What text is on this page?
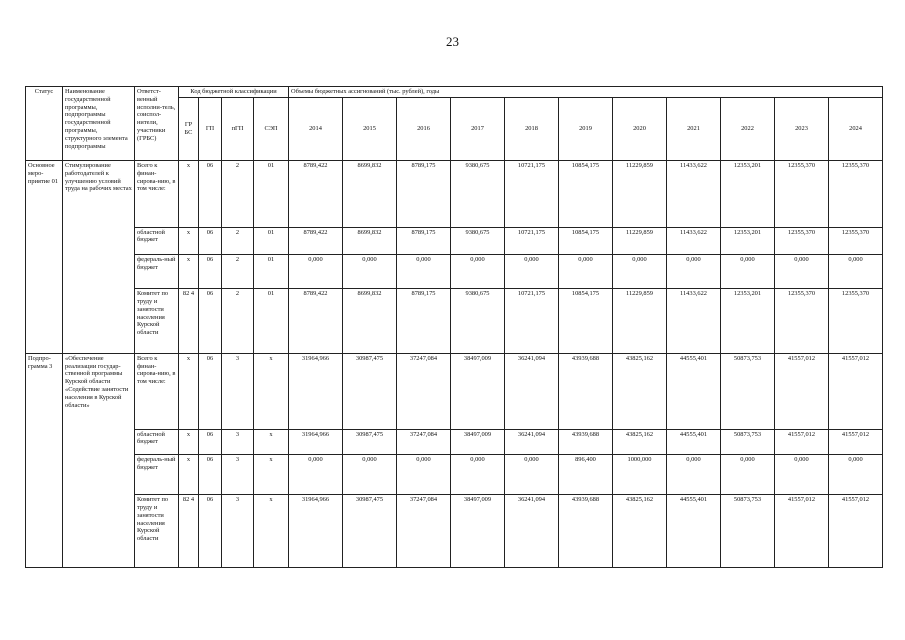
23
Статус	Наименование государственной программы, подпрограммы государственной программы, структурного элемента подпрограммы	Ответст-венный исполни-тель, соиспол-нители, участники (ГРБС)	Код бюджетной классификации				Объемы бюджетных ассигнований (тыс. рублей), годы										
			ГР БС	ГП	пГП	СЭП	2014	2015	2016	2017	2018	2019	2020	2021	2022	2023	2024
Основное меро-приятие 01	Стимулирование работодателей к улучшению условий труда на рабочих местах	Всего к финан-сирова-нию, в том числе:	x	06	2	01	8789,422	8699,832	8789,175	9380,675	10721,175	10854,175	11229,859	11433,622	12353,201	12355,370	12355,370
		областной бюджет	x	06	2	01	8789,422	8699,832	8789,175	9380,675	10721,175	10854,175	11229,859	11433,622	12353,201	12355,370	12355,370
		федераль-ный бюджет	x	06	2	01	0,000	0,000	0,000	0,000	0,000	0,000	0,000	0,000	0,000	0,000	0,000
		Комитет по труду и занятости населения Курской области	82 4	06	2	01	8789,422	8699,832	8789,175	9380,675	10721,175	10854,175	11229,859	11433,622	12353,201	12355,370	12355,370
Подпро-грамма 3	«Обеспечение реализации государ-ственной программы Курской области «Содействие занятости населения в Курской области»	Всего к финан-сирова-нию, в том числе:	x	06	3	x	31964,966	30987,475	37247,084	38497,009	36241,094	43939,688	43825,162	44555,401	50873,753	41557,012	41557,012
		областной бюджет	x	06	3	x	31964,966	30987,475	37247,084	38497,009	36241,094	43939,688	43825,162	44555,401	50873,753	41557,012	41557,012
		федераль-ный бюджет	x	06	3	x	0,000	0,000	0,000	0,000	0,000	896,400	1000,000	0,000	0,000	0,000	0,000
		Комитет по труду и занятости населения Курской области	82 4	06	3	x	31964,966	30987,475	37247,084	38497,009	36241,094	43939,688	43825,162	44555,401	50873,753	41557,012	41557,012
